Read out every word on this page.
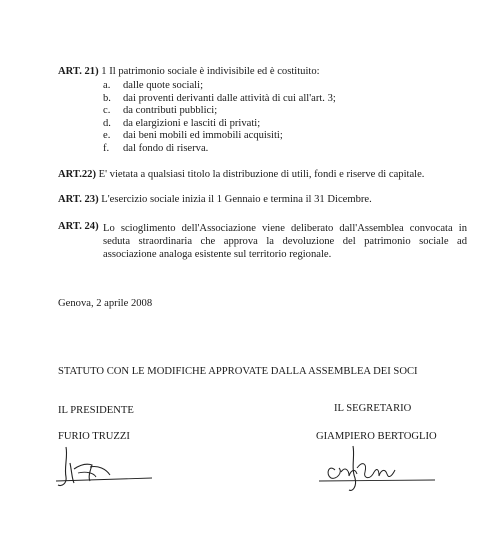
ART. 21) 1 Il patrimonio sociale è indivisibile ed è costituito:
a.	dalle quote sociali;
b.	dai proventi derivanti dalle attività di cui all'art. 3;
c.	da contributi pubblici;
d.	da elargizioni e lasciti di privati;
e.	dai beni mobili ed immobili acquisiti;
f.	dal fondo di riserva.
ART.22) E' vietata a qualsiasi titolo la distribuzione di utili, fondi e riserve di capitale.
ART. 23) L'esercizio sociale inizia il 1 Gennaio e termina il 31 Dicembre.
ART. 24) Lo scioglimento dell'Associazione viene deliberato dall'Assemblea convocata in
seduta straordinaria che approva la devoluzione del patrimonio sociale ad
associazione analoga esistente sul territorio regionale.
Genova, 2 aprile 2008
STATUTO CON LE MODIFICHE APPROVATE DALLA ASSEMBLEA DEI SOCI
IL PRESIDENTE
FURIO TRUZZI
IL SEGRETARIO
GIAMPIERO BERTOGLIO
